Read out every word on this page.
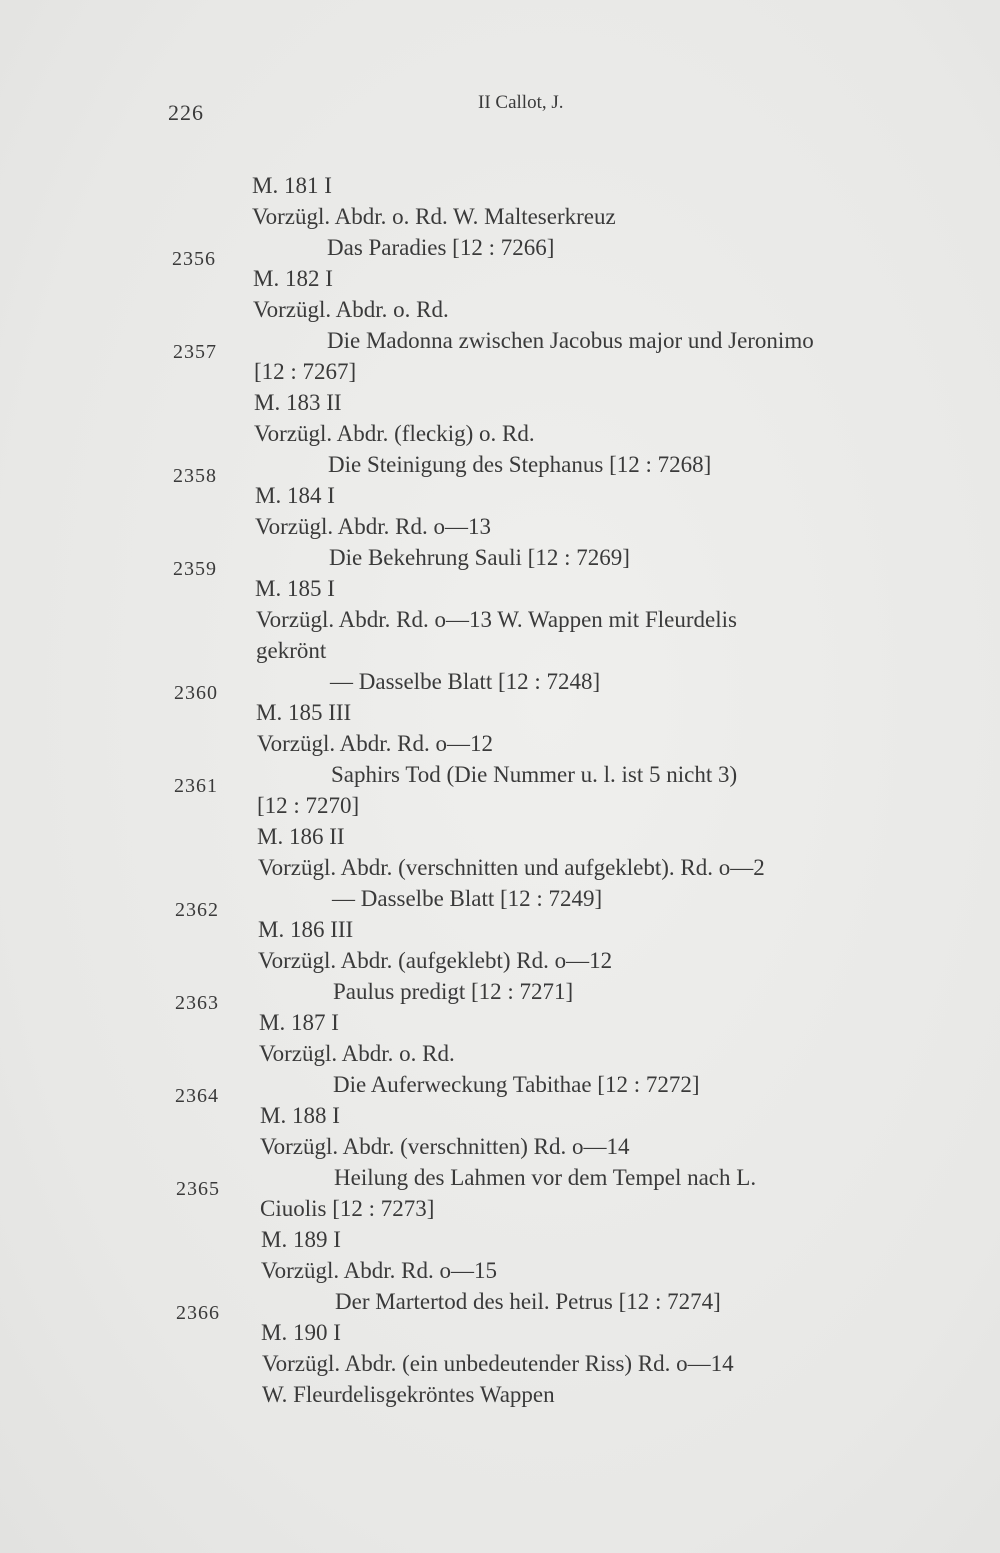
226	II Callot, J.
M. 181 I
Vorzügl. Abdr. o. Rd. W. Malteserkreuz
Das Paradies [12 : 7266]
M. 182 I
Vorzügl. Abdr. o. Rd.
2356
Die Madonna zwischen Jacobus major und Jeronimo
[12 : 7267]
M. 183 II
Vorzügl. Abdr. (fleckig) o. Rd.
2357
Die Steinigung des Stephanus [12 : 7268]
M. 184 I
Vorzügl. Abdr. Rd. o—13
2358
Die Bekehrung Sauli [12 : 7269]
M. 185 I
Vorzügl. Abdr. Rd. o—13 W. Wappen mit Fleurdelis
gekrönt
2359
— Dasselbe Blatt [12 : 7248]
M. 185 III
Vorzügl. Abdr. Rd. o—12
2360
Saphirs Tod (Die Nummer u. l. ist 5 nicht 3)
[12 : 7270]
M. 186 II
Vorzügl. Abdr. (verschnitten und aufgeklebt). Rd. o—2
2361
— Dasselbe Blatt [12 : 7249]
M. 186 III
Vorzügl. Abdr. (aufgeklebt) Rd. o—12
2362
Paulus predigt [12 : 7271]
M. 187 I
Vorzügl. Abdr. o. Rd.
2363
Die Auferweckung Tabithae [12 : 7272]
M. 188 I
Vorzügl. Abdr. (verschnitten) Rd. o—14
2364
Heilung des Lahmen vor dem Tempel nach L.
Ciuolis [12 : 7273]
M. 189 I
Vorzügl. Abdr. Rd. o—15
2365
Der Martertod des heil. Petrus [12 : 7274]
M. 190 I
Vorzügl. Abdr. (ein unbedeutender Riss) Rd. o—14
W. Fleurdelisgekröntes Wappen
2366
